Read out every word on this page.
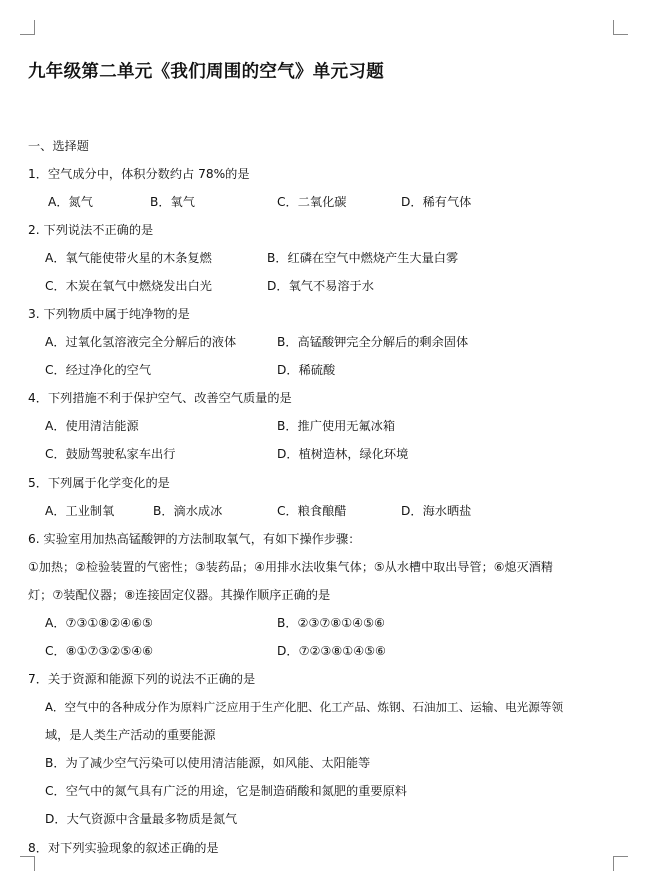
九年级第二单元《我们周围的空气》单元习题
一、选择题
1．空气成分中，体积分数约占 78%的是
A．氮气	B．氧气	C．二氧化碳	D．稀有气体
2. 下列说法不正确的是
A．氧气能使带火星的木条复燃	B．红磷在空气中燃烧产生大量白雾
C．木炭在氧气中燃烧发出白光	D．氧气不易溶于水
3. 下列物质中属于纯净物的是
A．过氧化氢溶液完全分解后的液体	B．高锰酸钾完全分解后的剩余固体
C．经过净化的空气	D．稀硫酸
4．下列措施不利于保护空气、改善空气质量的是
A．使用清洁能源	B．推广使用无氟冰箱
C．鼓励驾驶私家车出行	D．植树造林，绿化环境
5．下列属于化学变化的是
A．工业制氧	B．滴水成冰	C．粮食酿醋	D．海水晒盐
6. 实验室用加热高锰酸钾的方法制取氧气，有如下操作步骤：
①加热；②检验装置的气密性；③装药品；④用排水法收集气体；⑤从水槽中取出导管；⑥熄灭酒精
灯；⑦装配仪器；⑧连接固定仪器。其操作顺序正确的是
A．⑦③①⑧②④⑥⑤	B．②③⑦⑧①④⑤⑥
C．⑧①⑦③②⑤④⑥	D．⑦②③⑧①④⑤⑥
7．关于资源和能源下列的说法不正确的是
A．空气中的各种成分作为原料广泛应用于生产化肥、化工产品、炼钢、石油加工、运输、电光源等领
域，是人类生产活动的重要能源
B．为了减少空气污染可以使用清洁能源，如风能、太阳能等
C．空气中的氮气具有广泛的用途，它是制造硝酸和氮肥的重要原料
D．大气资源中含量最多物质是氮气
8．对下列实验现象的叙述正确的是
